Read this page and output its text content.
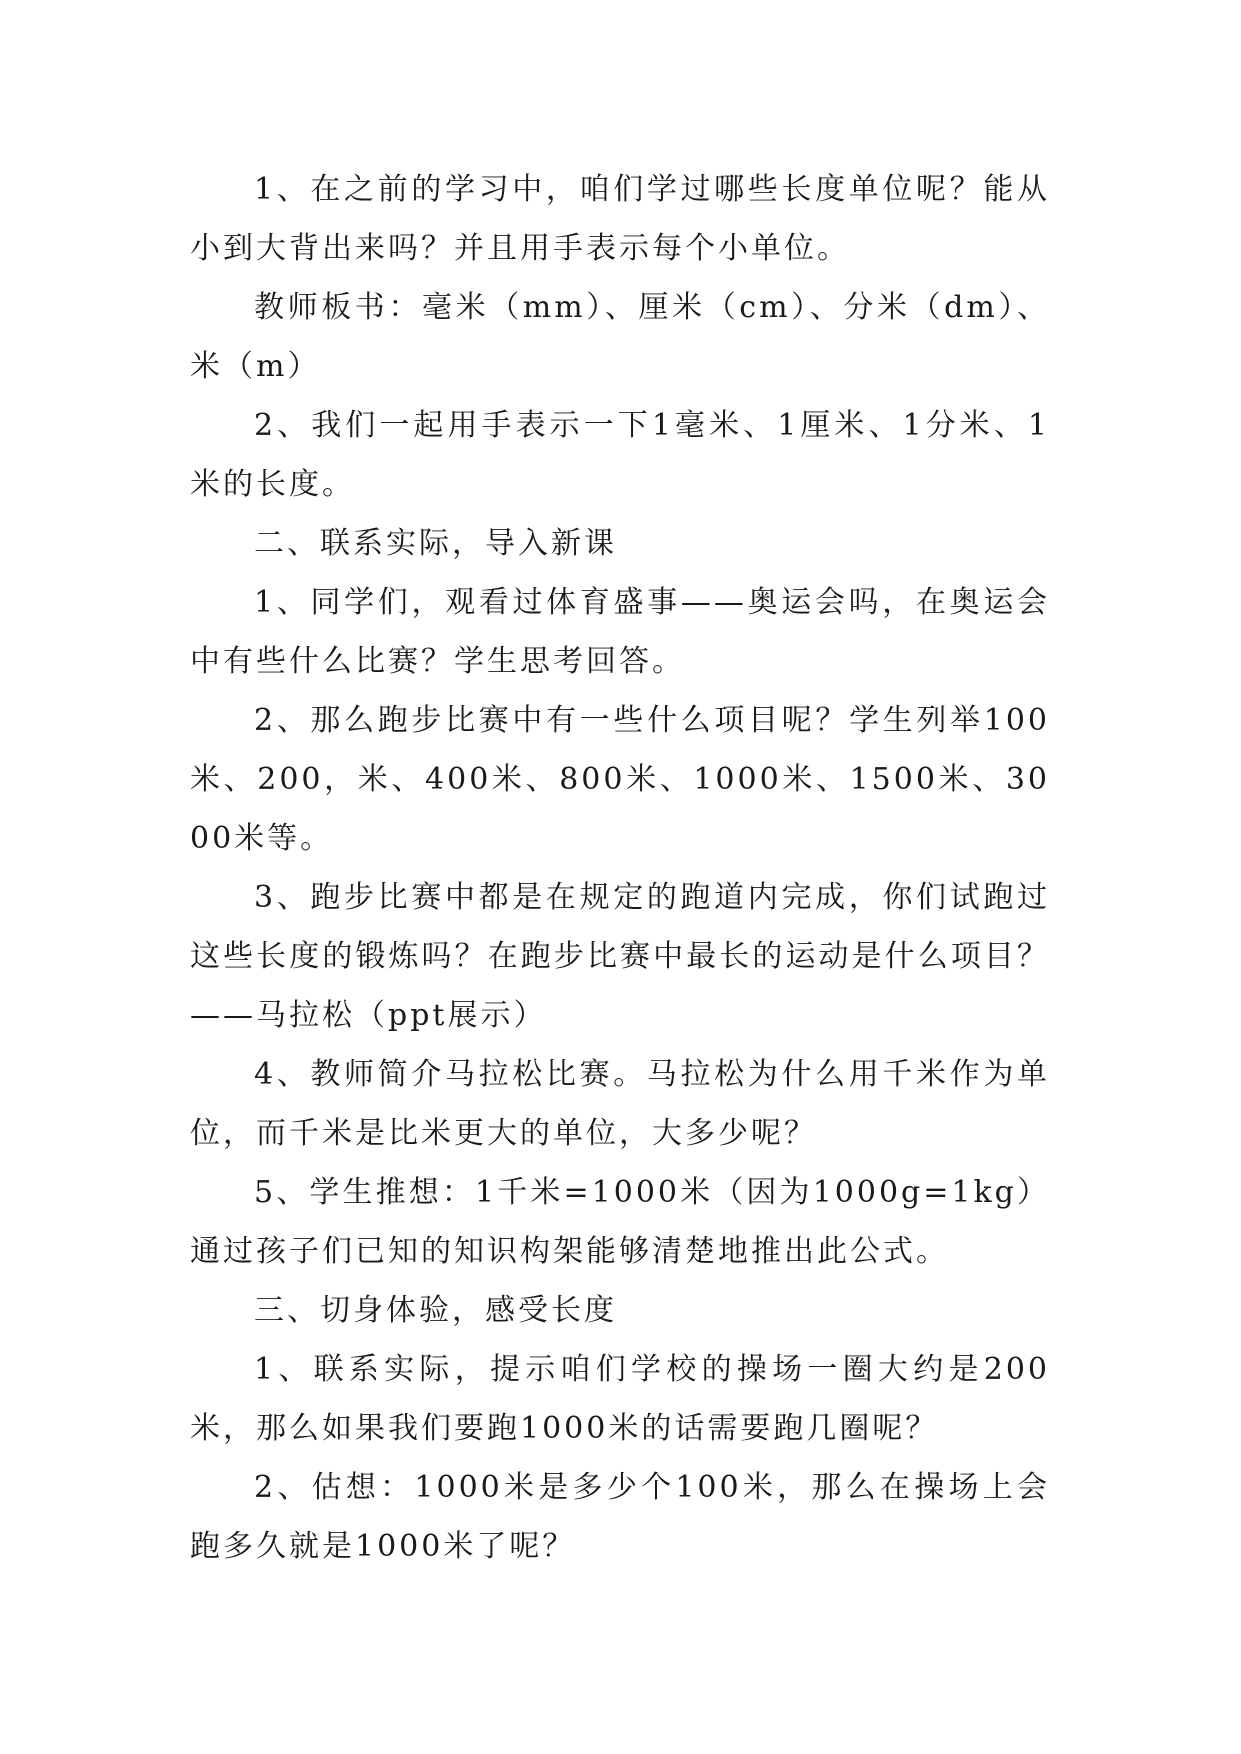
1、在之前的学习中，咱们学过哪些长度单位呢？能从小到大背出来吗？并且用手表示每个小单位。

教师板书：毫米（mm）、厘米（cm）、分米（dm）、米（m）

2、我们一起用手表示一下1毫米、1厘米、1分米、1米的长度。

二、联系实际，导入新课

1、同学们，观看过体育盛事——奥运会吗，在奥运会中有些什么比赛？学生思考回答。

2、那么跑步比赛中有一些什么项目呢？学生列举100米、200，米、400米、800米、1000米、1500米、3000米等。

3、跑步比赛中都是在规定的跑道内完成，你们试跑过这些长度的锻炼吗？在跑步比赛中最长的运动是什么项目？——马拉松（ppt展示）

4、教师简介马拉松比赛。马拉松为什么用千米作为单位，而千米是比米更大的单位，大多少呢？

5、学生推想：1千米=1000米（因为1000g=1kg）通过孩子们已知的知识构架能够清楚地推出此公式。

三、切身体验，感受长度

1、联系实际，提示咱们学校的操场一圈大约是200米，那么如果我们要跑1000米的话需要跑几圈呢？

2、估想：1000米是多少个100米，那么在操场上会跑多久就是1000米了呢？
